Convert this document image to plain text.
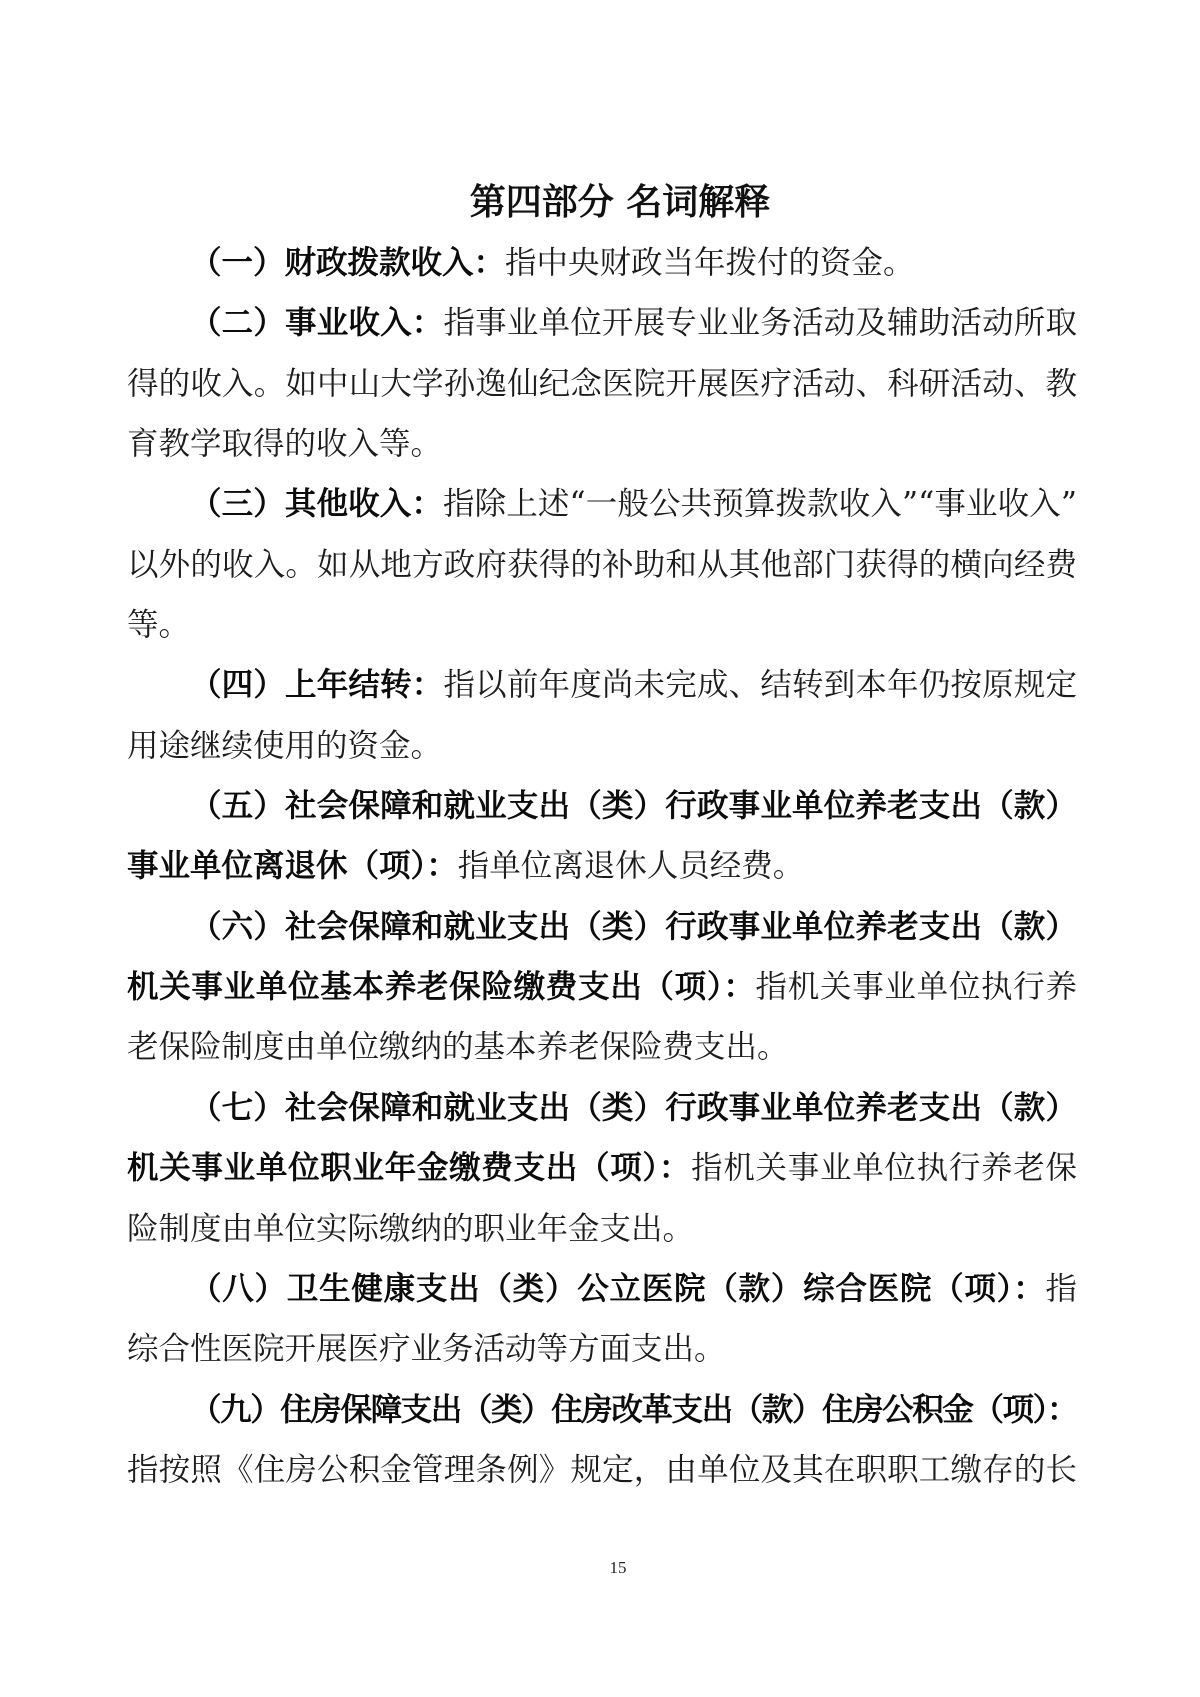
第四部分 名词解释
（一）财政拨款收入：指中央财政当年拨付的资金。
（二）事业收入：指事业单位开展专业业务活动及辅助活动所取
得的收入。如中山大学孙逸仙纪念医院开展医疗活动、科研活动、教
育教学取得的收入等。
（三）其他收入：指除上述“一般公共预算拨款收入”“事业收入”
以外的收入。如从地方政府获得的补助和从其他部门获得的横向经费
等。
（四）上年结转：指以前年度尚未完成、结转到本年仍按原规定
用途继续使用的资金。
（五）社会保障和就业支出（类）行政事业单位养老支出（款）
事业单位离退休（项）：指单位离退休人员经费。
（六）社会保障和就业支出（类）行政事业单位养老支出（款）
机关事业单位基本养老保险缴费支出（项）：指机关事业单位执行养
老保险制度由单位缴纳的基本养老保险费支出。
（七）社会保障和就业支出（类）行政事业单位养老支出（款）
机关事业单位职业年金缴费支出（项）：指机关事业单位执行养老保
险制度由单位实际缴纳的职业年金支出。
（八）卫生健康支出（类）公立医院（款）综合医院（项）：指
综合性医院开展医疗业务活动等方面支出。
（九）住房保障支出（类）住房改革支出（款）住房公积金（项）：
指按照《住房公积金管理条例》规定，由单位及其在职职工缴存的长
15
